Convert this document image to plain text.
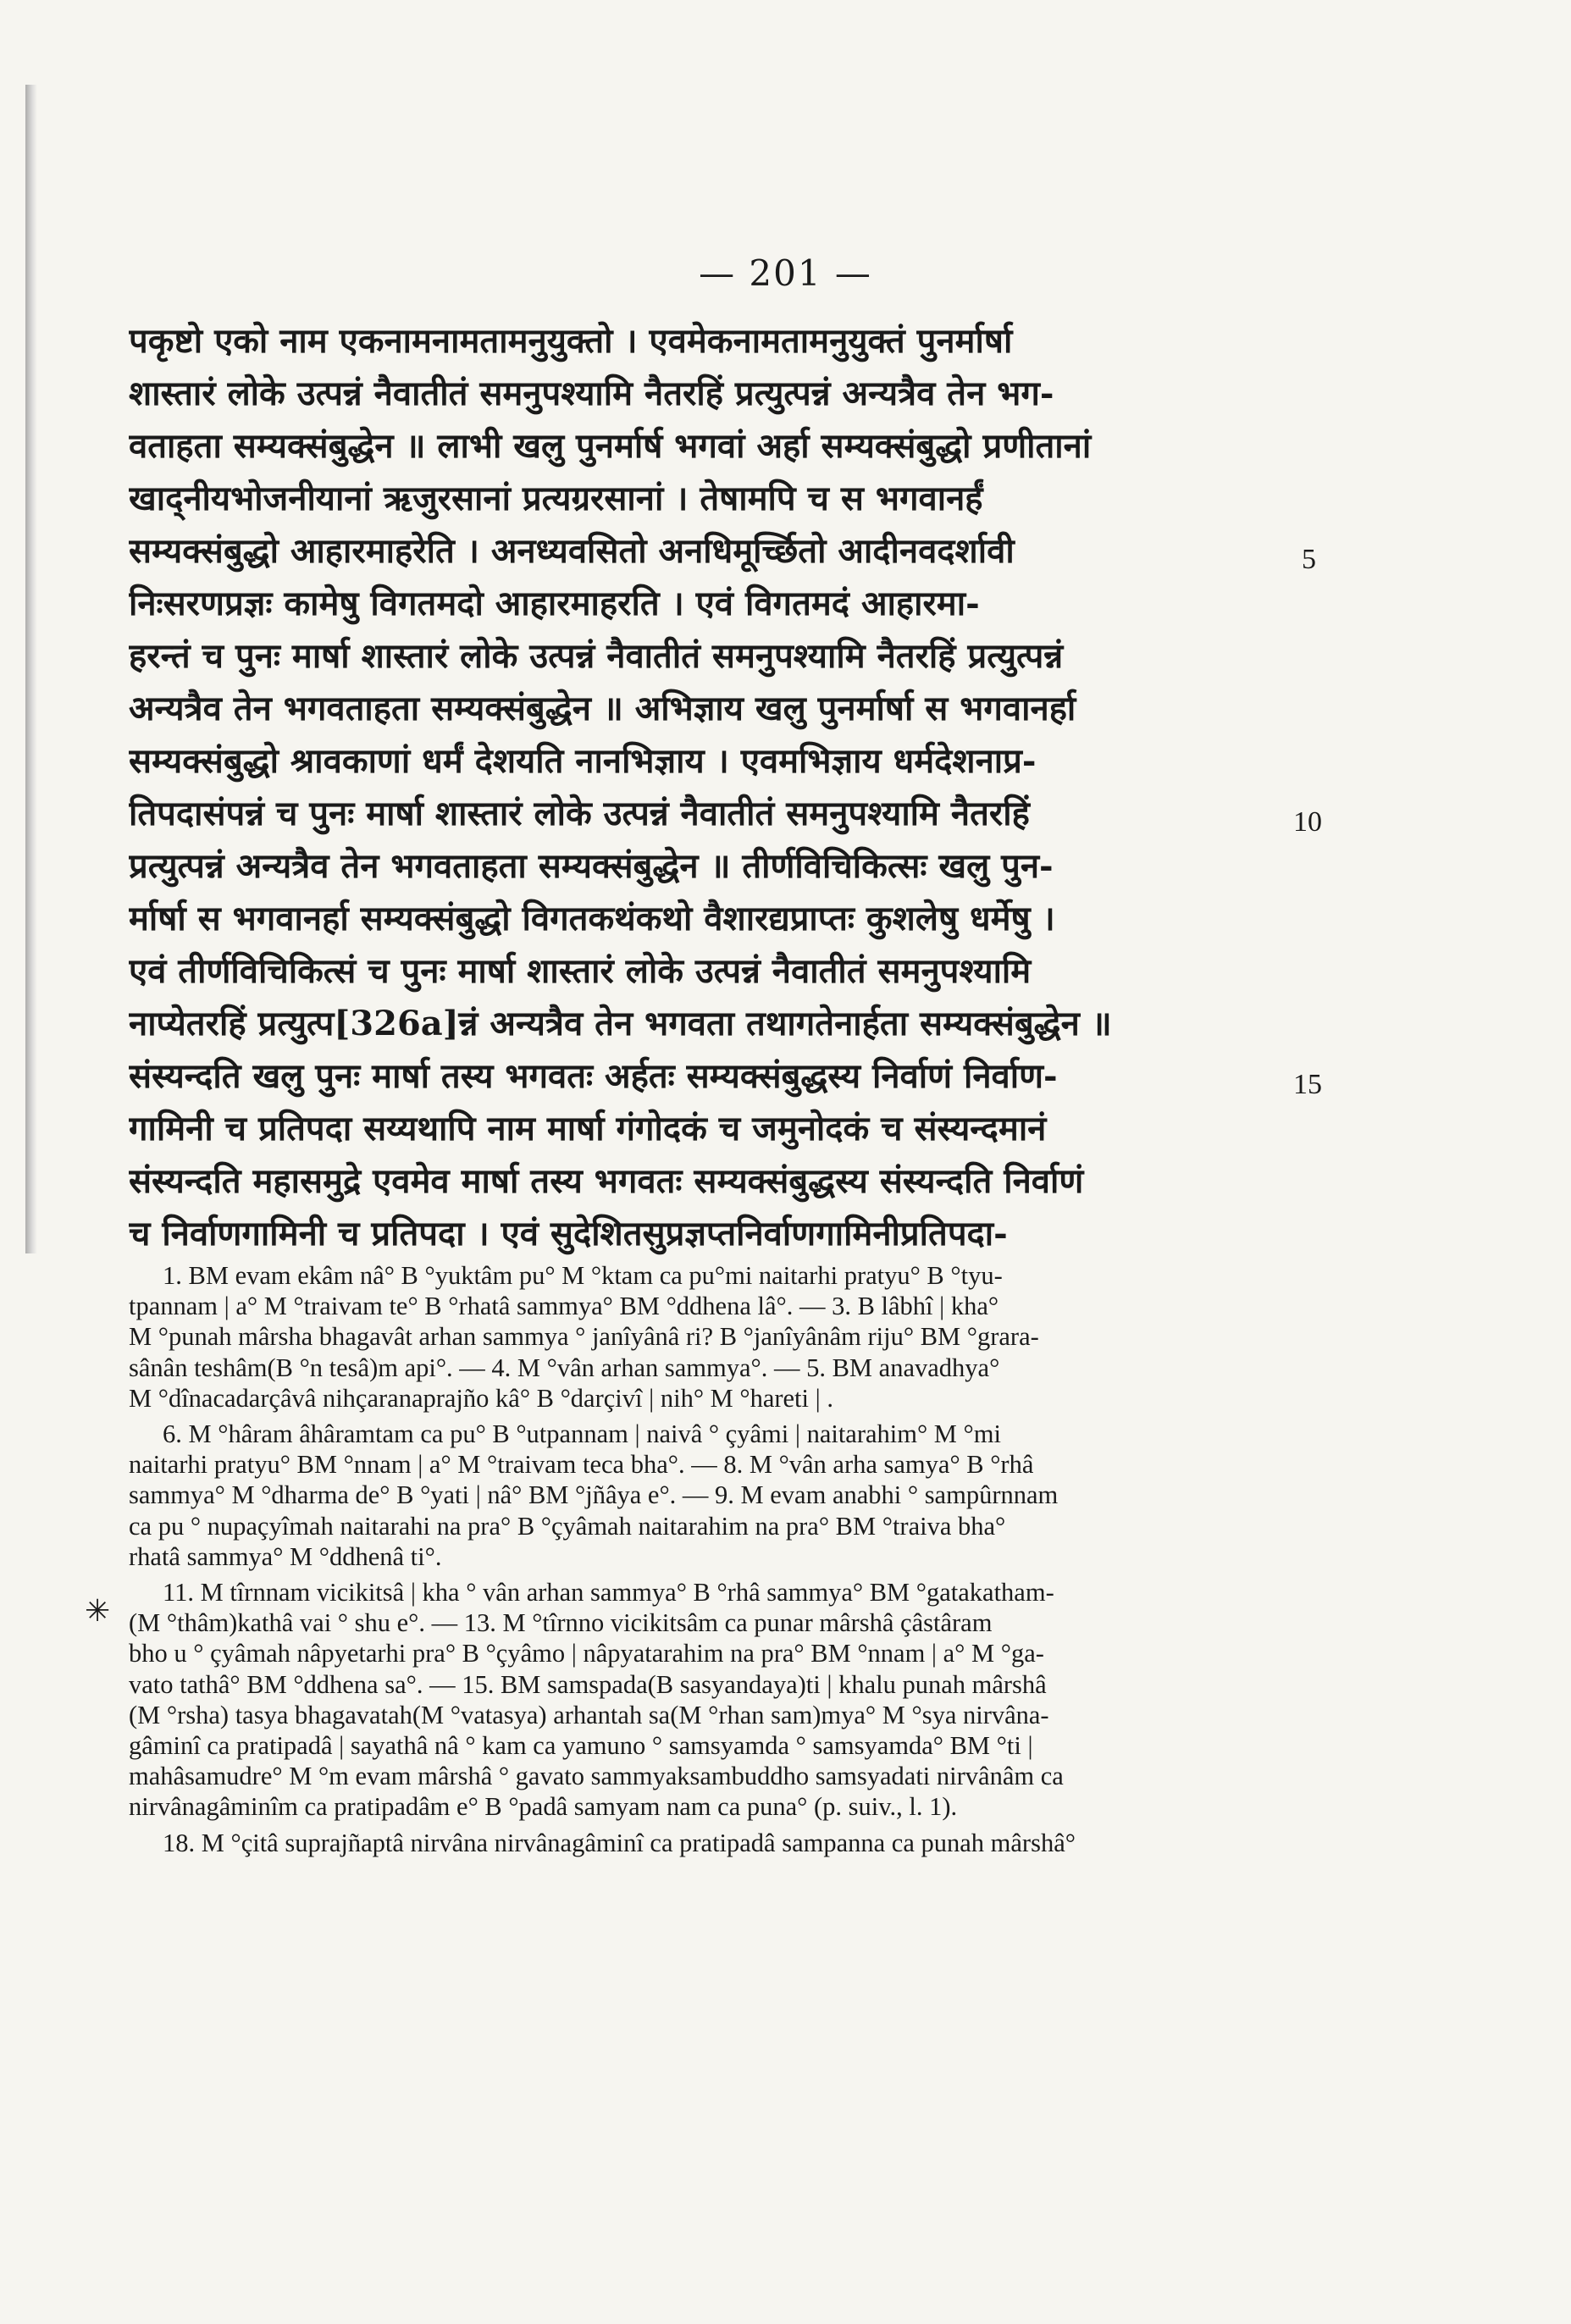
— 201 —
पकृष्टो एको नाम एकनामनामतामनुयुक्तो । एवमेकनामतामनुयुक्तं पुनर्मार्षा
शास्तारं लोके उत्पन्नं नैवातीतं समनुपश्यामि नैतरहिं प्रत्युत्पन्नं अन्यत्रैव तेन भग-
वताहता सम्यक्संबुद्धेन ॥ लाभी खलु पुनर्मार्ष भगवां अर्हा सम्यक्संबुद्धो प्रणीतानां
खाद्नीयभोजनीयानां ऋजुरसानां प्रत्यग्ररसानां । तेषामपि च स भगवानर्हं
सम्यक्संबुद्धो आहारमाहरेति । अनध्यवसितो अनधिमूर्च्छितो आदीनवदर्शावी
निःसरणप्रज्ञः कामेषु विगतमदो आहारमाहरति । एवं विगतमदं आहारमा-
हरन्तं च पुनः मार्षा शास्तारं लोके उत्पन्नं नैवातीतं समनुपश्यामि नैतरहिं प्रत्युत्पन्नं
अन्यत्रैव तेन भगवताहता सम्यक्संबुद्धेन ॥ अभिज्ञाय खलु पुनर्मार्षा स भगवानर्हा
सम्यक्संबुद्धो श्रावकाणां धर्मं देशयति नानभिज्ञाय । एवमभिज्ञाय धर्मदेशनाप्र-
तिपदासंपन्नं च पुनः मार्षा शास्तारं लोके उत्पन्नं नैवातीतं समनुपश्यामि नैतरहिं
प्रत्युत्पन्नं अन्यत्रैव तेन भगवताहता सम्यक्संबुद्धेन ॥ तीर्णविचिकित्सः खलु पुन-
र्मार्षा स भगवानर्हा सम्यक्संबुद्धो विगतकथंकथो वैशारद्यप्राप्तः कुशलेषु धर्मेषु ।
एवं तीर्णविचिकित्सं च पुनः मार्षा शास्तारं लोके उत्पन्नं नैवातीतं समनुपश्यामि
नाप्येतरहिं प्रत्युत्प[326a]न्नं अन्यत्रैव तेन भगवता तथागतेनार्हता सम्यक्संबुद्धेन ॥
संस्यन्दति खलु पुनः मार्षा तस्य भगवतः अर्हतः सम्यक्संबुद्धस्य निर्वाणं निर्वाण-
गामिनी च प्रतिपदा सय्यथापि नाम मार्षा गंगोदकं च जमुनोदकं च संस्यन्दमानं
संस्यन्दति महासमुद्रे एवमेव मार्षा तस्य भगवतः सम्यक्संबुद्धस्य संस्यन्दति निर्वाणं
च निर्वाणगामिनी च प्रतिपदा । एवं सुदेशितसुप्रज्ञप्तनिर्वाणगामिनीप्रतिपदा-
5
10
15
1. BM evam ekâm nâ° B °yuktâm pu° M °ktam ca pu°mi naitarhi pratyu° B °tyu-
tpannam | a° M °traivam te° B °rhatâ sammya° BM °ddhena lâ°. — 3. B lâbhî | kha°
M °punah mârsha bhagavât arhan sammya ° janîyânâ ri? B °janîyânâm riju° BM °grara-
sânân teshâm(B °n tesâ)m api°. — 4. M °vân arhan sammya°. — 5. BM anavadhya°
M °dînacadarçâvâ nihçaranaprajño kâ° B °darçivî | nih° M °hareti | .
6. M °hâram âhâramtam ca pu° B °utpannam | naivâ ° çyâmi | naitarahim° M °mi
naitarhi pratyu° BM °nnam | a° M °traivam teca bha°. — 8. M °vân arha samya° B °rhâ
sammya° M °dharma de° B °yati | nâ° BM °jñâya e°. — 9. M evam anabhi ° sampûrnnam
ca pu ° nupaçyîmah naitarahi na pra° B °çyâmah naitarahim na pra° BM °traiva bha°
rhatâ sammya° M °ddhenâ ti°.
11. M tîrnnam vicikitsâ | kha ° vân arhan sammya° B °rhâ sammya° BM °gatakatham-
(M °thâm)kathâ vai ° shu e°. — 13. M °tîrnno vicikitsâm ca punar mârshâ çâstâram
bho u ° çyâmah nâpyetarhi pra° B °çyâmo | nâpyatarahim na pra° BM °nnam | a° M °ga-
vato tathâ° BM °ddhena sa°. — 15. BM samspada(B sasyandaya)ti | khalu punah mârshâ
(M °rsha) tasya bhagavatah(M °vatasya) arhantah sa(M °rhan sam)mya° M °sya nirvâna-
gâminî ca pratipadâ | sayathâ nâ ° kam ca yamuno ° samsyamda ° samsyamda° BM °ti |
mahâsamudre° M °m evam mârshâ ° gavato sammyaksambuddho samsyadati nirvânâm ca
nirvânagâminîm ca pratipadâm e° B °padâ samyam nam ca puna° (p. suiv., l. 1).
18. M °çitâ suprajñaptâ nirvâna nirvânagâminî ca pratipadâ sampanna ca punah mârshâ°
✳
